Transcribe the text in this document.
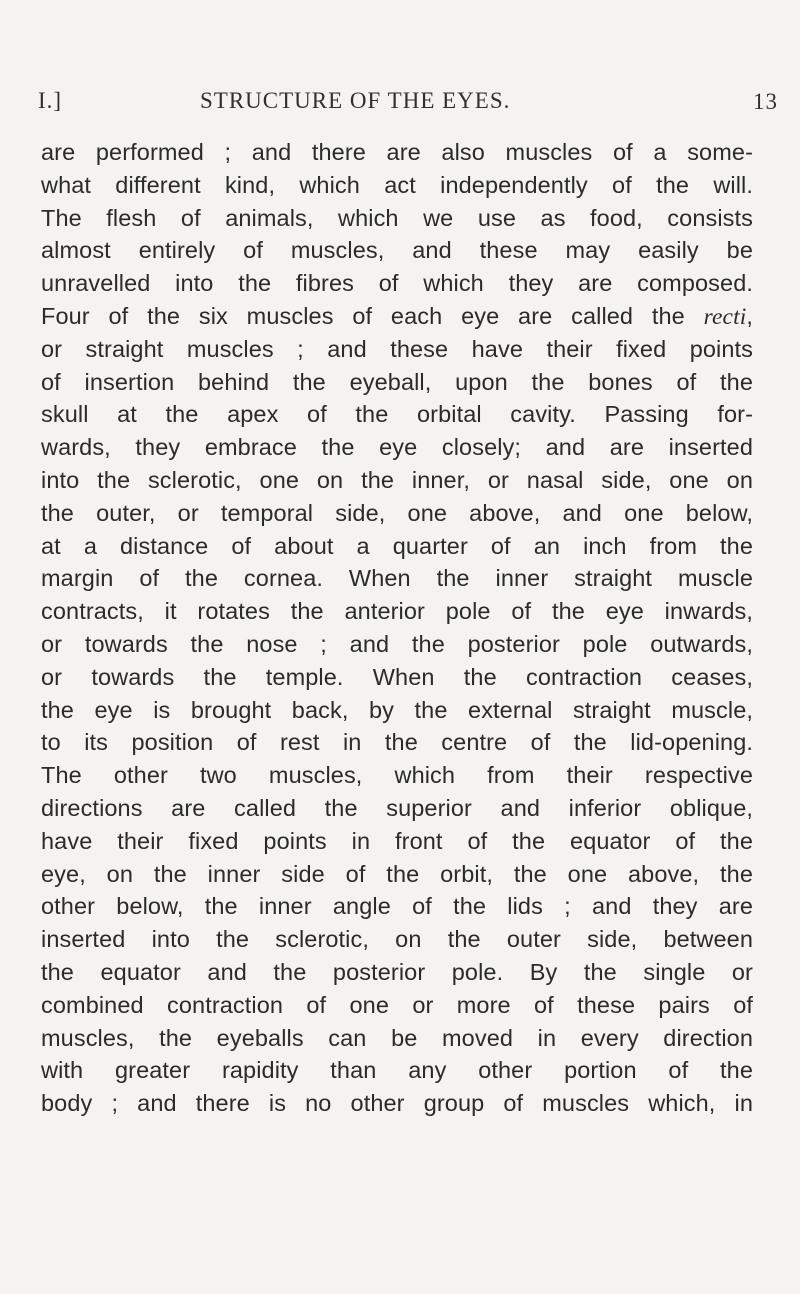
I.]	STRUCTURE OF THE EYES.	13
are performed ; and there are also muscles of a some-
what different kind, which act independently of the will.
The flesh of animals, which we use as food, consists
almost entirely of muscles, and these may easily be
unravelled into the fibres of which they are composed.
Four of the six muscles of each eye are called the recti,
or straight muscles ; and these have their fixed points
of insertion behind the eyeball, upon the bones of the
skull at the apex of the orbital cavity. Passing for-
wards, they embrace the eye closely; and are inserted
into the sclerotic, one on the inner, or nasal side, one on
the outer, or temporal side, one above, and one below,
at a distance of about a quarter of an inch from the
margin of the cornea. When the inner straight muscle
contracts, it rotates the anterior pole of the eye inwards,
or towards the nose ; and the posterior pole outwards,
or towards the temple. When the contraction ceases,
the eye is brought back, by the external straight muscle,
to its position of rest in the centre of the lid-opening.
The other two muscles, which from their respective
directions are called the superior and inferior oblique,
have their fixed points in front of the equator of the
eye, on the inner side of the orbit, the one above, the
other below, the inner angle of the lids ; and they are
inserted into the sclerotic, on the outer side, between
the equator and the posterior pole. By the single or
combined contraction of one or more of these pairs of
muscles, the eyeballs can be moved in every direction
with greater rapidity than any other portion of the
body ; and there is no other group of muscles which, in
